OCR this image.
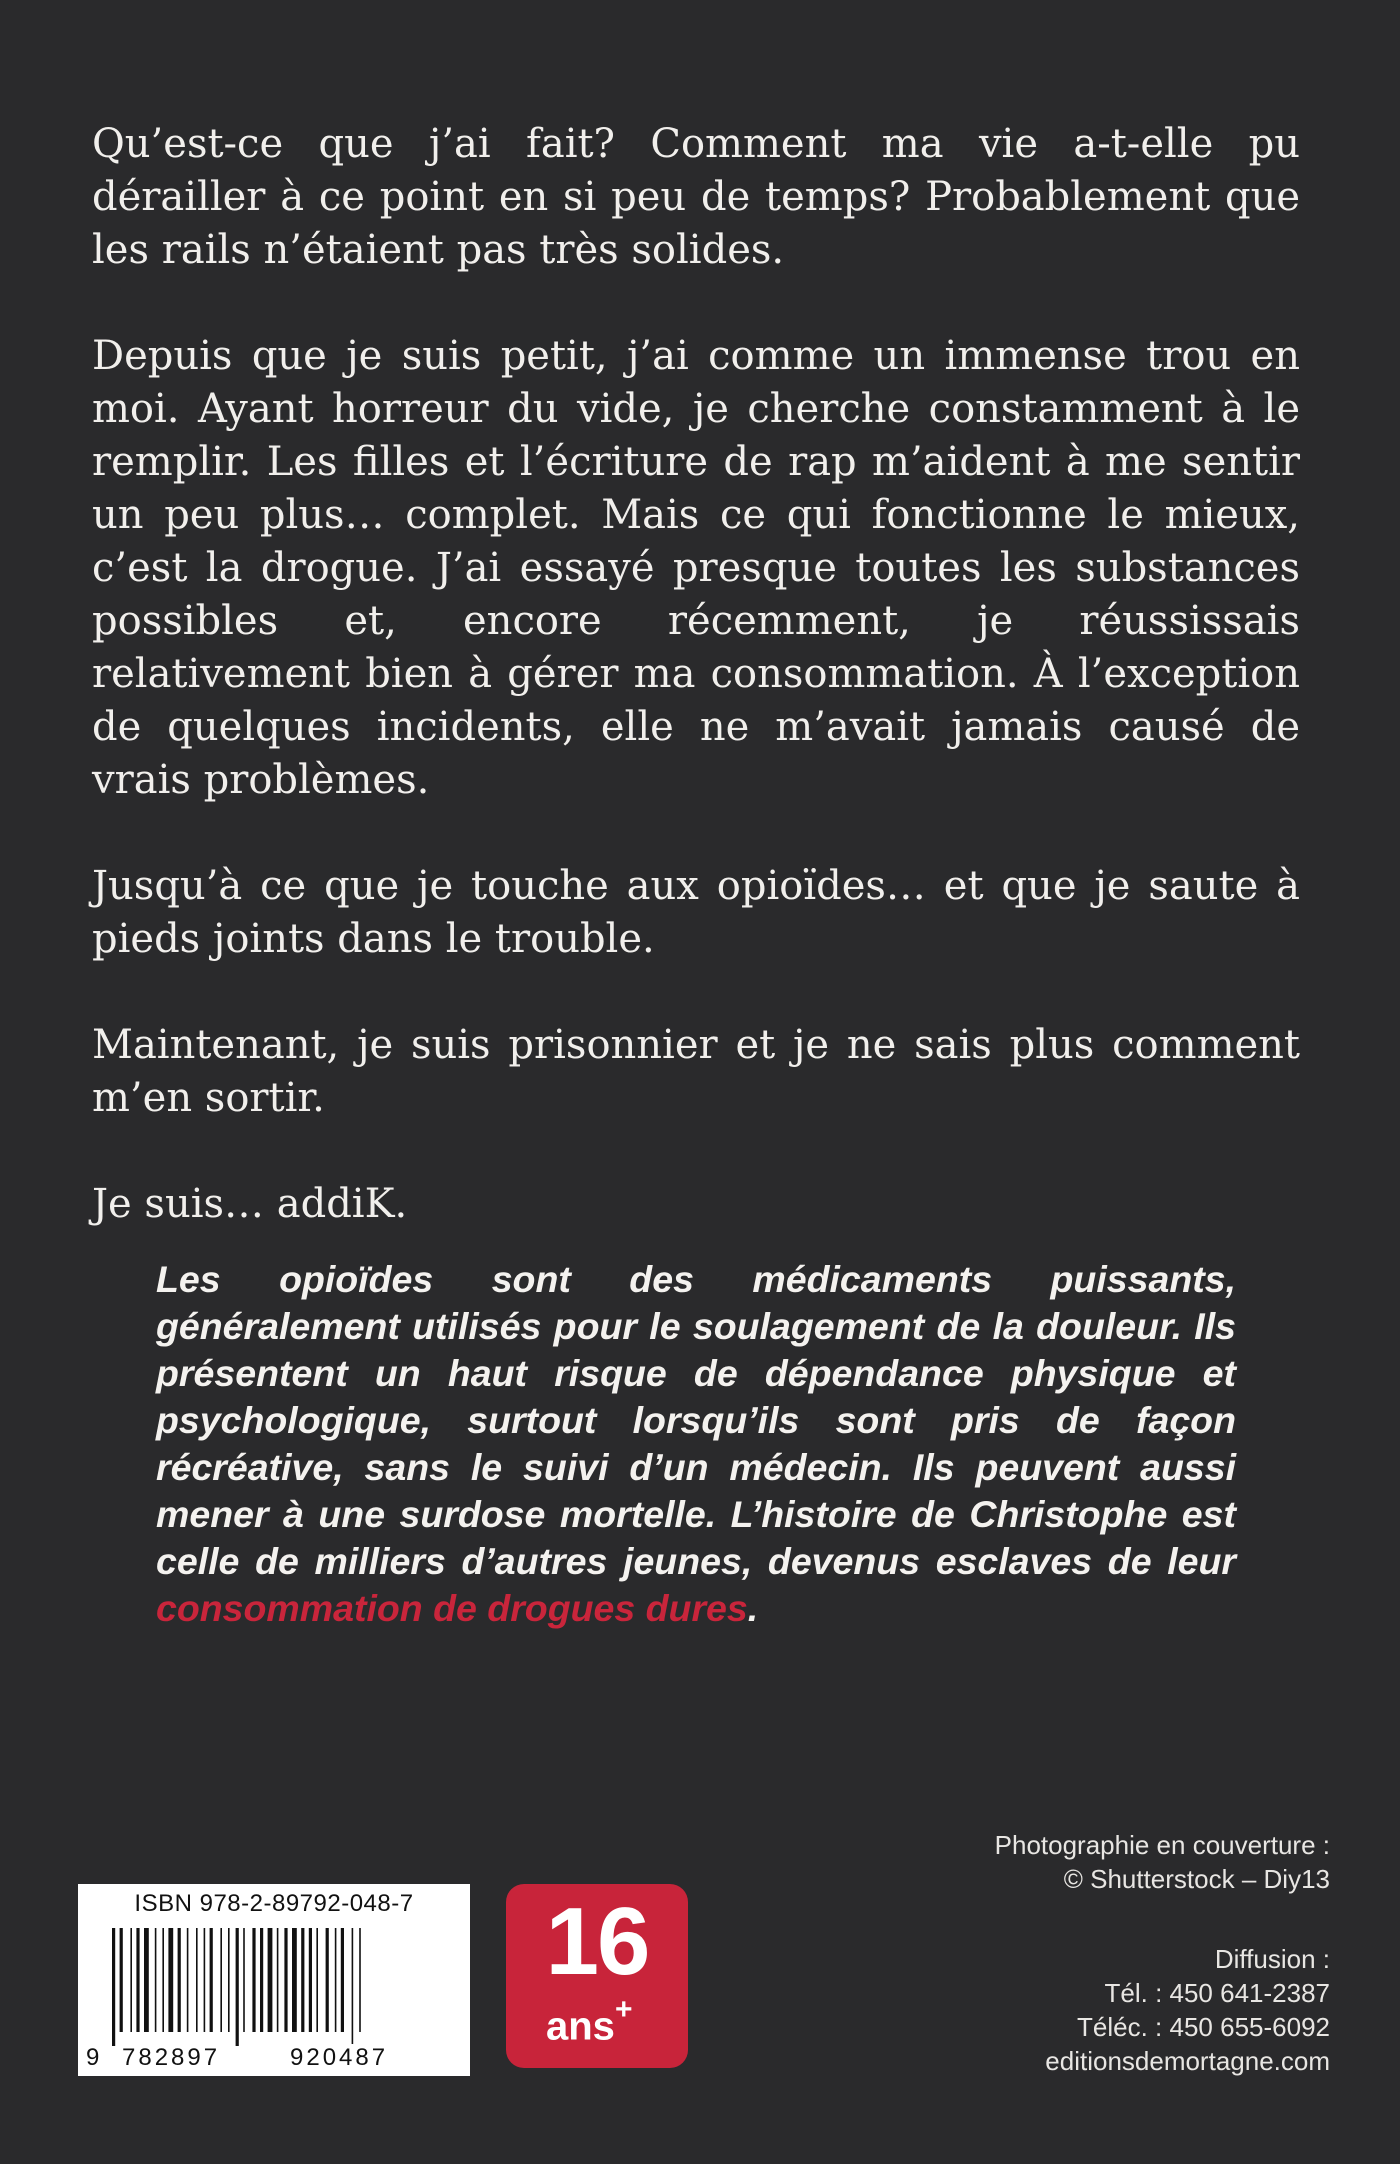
Qu’est-ce que j’ai fait? Comment ma vie a-t-elle pu dérailler à ce point en si peu de temps? Probablement que les rails n’étaient pas très solides.

Depuis que je suis petit, j’ai comme un immense trou en moi. Ayant horreur du vide, je cherche constamment à le remplir. Les filles et l’écriture de rap m’aident à me sentir un peu plus… complet. Mais ce qui fonctionne le mieux, c’est la drogue. J’ai essayé presque toutes les substances possibles et, encore récemment, je réussissais relativement bien à gérer ma consommation. À l’exception de quelques incidents, elle ne m’avait jamais causé de vrais problèmes.

Jusqu’à ce que je touche aux opioïdes… et que je saute à pieds joints dans le trouble.

Maintenant, je suis prisonnier et je ne sais plus comment m’en sortir.

Je suis… addiK.

Les opioïdes sont des médicaments puissants, généralement utilisés pour le soulagement de la douleur. Ils présentent un haut risque de dépendance physique et psychologique, surtout lorsqu’ils sont pris de façon récréative, sans le suivi d’un médecin. Ils peuvent aussi mener à une surdose mortelle. L’histoire de Christophe est celle de milliers d’autres jeunes, devenus esclaves de leur consommation de drogues dures.
Photographie en couverture :
© Shutterstock – Diy13
Diffusion :
Tél. : 450 641-2387
Téléc. : 450 655-6092
editionsdemortagne.com
ISBN 978-2-89792-048-7
9 782897	920487
16
ans+
